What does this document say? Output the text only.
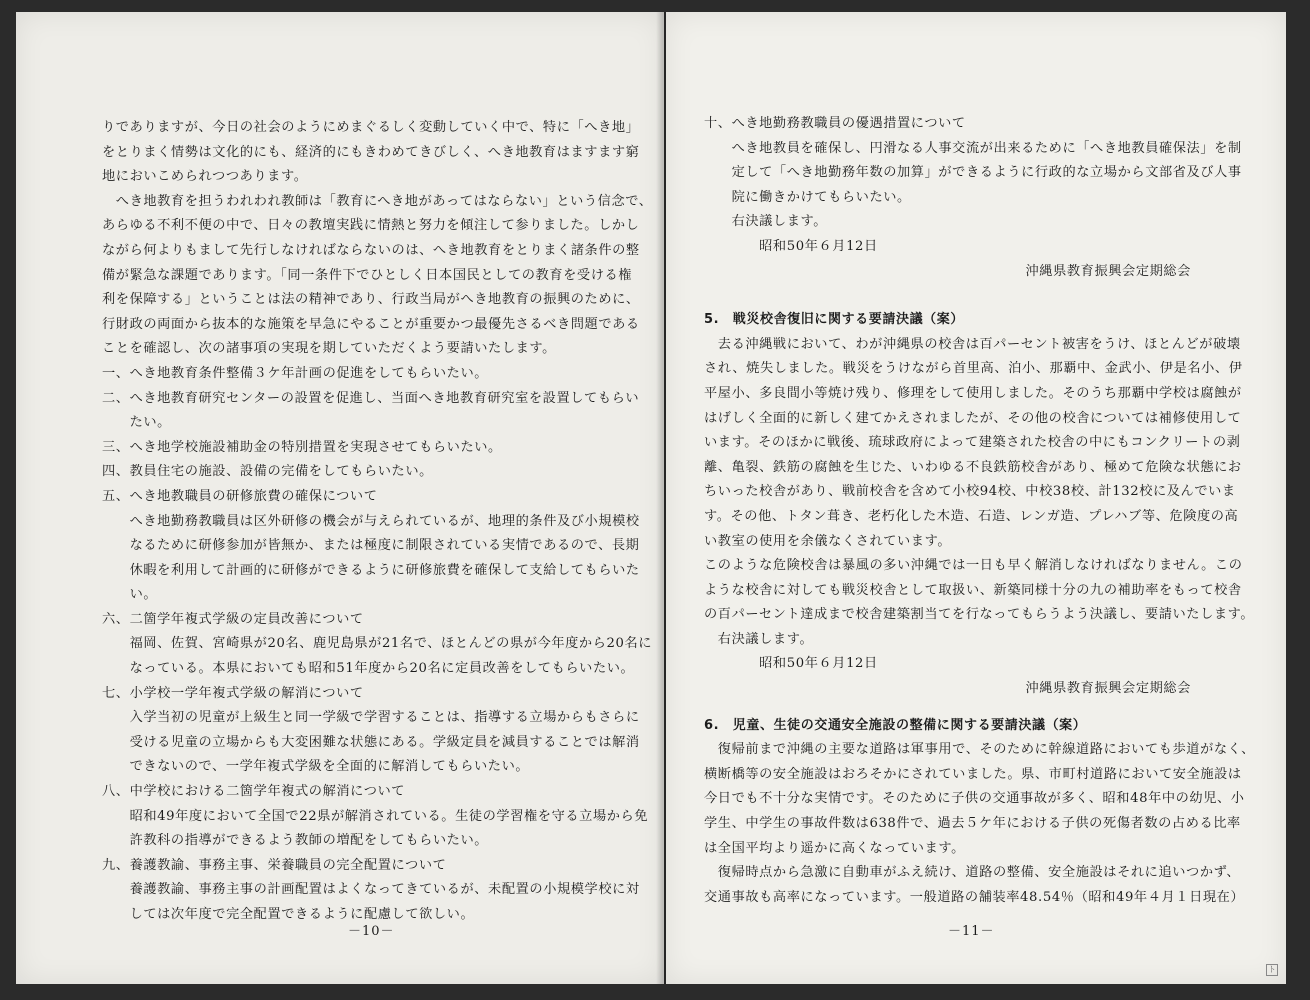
りでありますが、今日の社会のようにめまぐるしく変動していく中で、特に「へき地」
をとりまく情勢は文化的にも、経済的にもきわめてきびしく、へき地教育はますます窮
地においこめられつつあります。
　へき地教育を担うわれわれ教師は「教育にへき地があってはならない」という信念で、
あらゆる不利不便の中で、日々の教壇実践に情熱と努力を傾注して参りました。しかし
ながら何よりもまして先行しなければならないのは、へき地教育をとりまく諸条件の整
備が緊急な課題であります。「同一条件下でひとしく日本国民としての教育を受ける権
利を保障する」ということは法の精神であり、行政当局がへき地教育の振興のために、
行財政の両面から抜本的な施策を早急にやることが重要かつ最優先さるべき問題である
ことを確認し、次の諸事項の実現を期していただくよう要請いたします。
一、へき地教育条件整備３ケ年計画の促進をしてもらいたい。
二、へき地教育研究センターの設置を促進し、当面へき地教育研究室を設置してもらい
　　たい。
三、へき地学校施設補助金の特別措置を実現させてもらいたい。
四、教員住宅の施設、設備の完備をしてもらいたい。
五、へき地教職員の研修旅費の確保について
　　へき地勤務教職員は区外研修の機会が与えられているが、地理的条件及び小規模校
　　なるために研修参加が皆無か、または極度に制限されている実情であるので、長期
　　休暇を利用して計画的に研修ができるように研修旅費を確保して支給してもらいた
　　い。
六、二箇学年複式学級の定員改善について
　　福岡、佐賀、宮崎県が20名、鹿児島県が21名で、ほとんどの県が今年度から20名に
　　なっている。本県においても昭和51年度から20名に定員改善をしてもらいたい。
七、小学校一学年複式学級の解消について
　　入学当初の児童が上級生と同一学級で学習することは、指導する立場からもさらに
　　受ける児童の立場からも大変困難な状態にある。学級定員を減員することでは解消
　　できないので、一学年複式学級を全面的に解消してもらいたい。
八、中学校における二箇学年複式の解消について
　　昭和49年度において全国で22県が解消されている。生徒の学習権を守る立場から免
　　許教科の指導ができるよう教師の増配をしてもらいたい。
九、養護教諭、事務主事、栄養職員の完全配置について
　　養護教諭、事務主事の計画配置はよくなってきているが、未配置の小規模学校に対
　　しては次年度で完全配置できるように配慮して欲しい。
－10－
十、へき地勤務教職員の優遇措置について
　　へき地教員を確保し、円滑なる人事交流が出来るために「へき地教員確保法」を制
　　定して「へき地勤務年数の加算」ができるように行政的な立場から文部省及び人事
　　院に働きかけてもらいたい。
　　右決議します。
　　　　昭和50年６月12日
沖縄県教育振興会定期総会
5.　戦災校舎復旧に関する要請決議（案）
　去る沖縄戦において、わが沖縄県の校舎は百パーセント被害をうけ、ほとんどが破壊
され、焼失しました。戦災をうけながら首里高、泊小、那覇中、金武小、伊是名小、伊
平屋小、多良間小等焼け残り、修理をして使用しました。そのうち那覇中学校は腐蝕が
はげしく全面的に新しく建てかえされましたが、その他の校舎については補修使用して
います。そのほかに戦後、琉球政府によって建築された校舎の中にもコンクリートの剥
離、亀裂、鉄筋の腐蝕を生じた、いわゆる不良鉄筋校舎があり、極めて危険な状態にお
ちいった校舎があり、戦前校舎を含めて小校94校、中校38校、計132校に及んでいま
す。その他、トタン葺き、老朽化した木造、石造、レンガ造、プレハブ等、危険度の高
い教室の使用を余儀なくされています。
このような危険校舎は暴風の多い沖縄では一日も早く解消しなければなりません。この
ような校舎に対しても戦災校舎として取扱い、新築同様十分の九の補助率をもって校舎
の百パーセント達成まで校舎建築割当てを行なってもらうよう決議し、要請いたします。
　右決議します。
　　　　昭和50年６月12日
沖縄県教育振興会定期総会
6.　児童、生徒の交通安全施設の整備に関する要請決議（案）
　復帰前まで沖縄の主要な道路は軍事用で、そのために幹線道路においても歩道がなく、
横断橋等の安全施設はおろそかにされていました。県、市町村道路において安全施設は
今日でも不十分な実情です。そのために子供の交通事故が多く、昭和48年中の幼児、小
学生、中学生の事故件数は638件で、過去５ケ年における子供の死傷者数の占める比率
は全国平均より遥かに高くなっています。
　復帰時点から急激に自動車がふえ続け、道路の整備、安全施設はそれに追いつかず、
交通事故も高率になっています。一般道路の舗装率48.54％（昭和49年４月１日現在）
－11－
ト
